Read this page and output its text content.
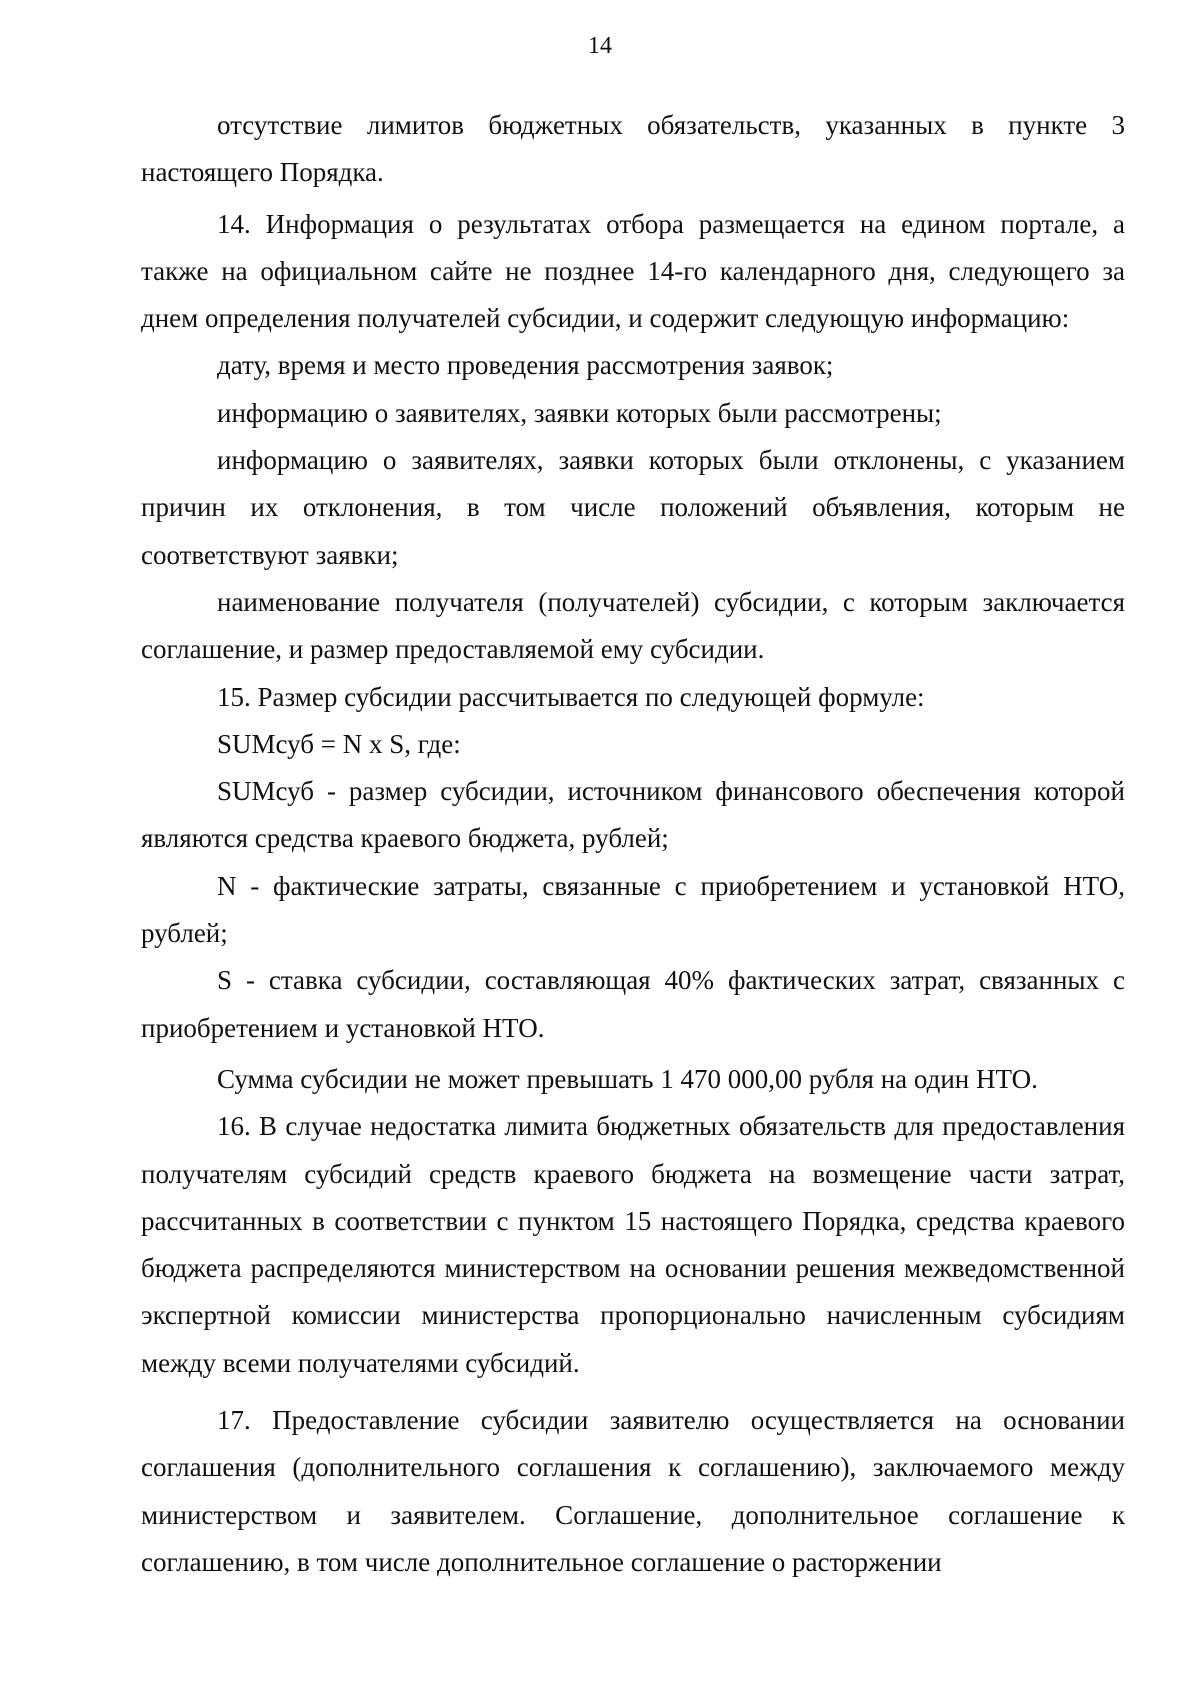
14

отсутствие лимитов бюджетных обязательств, указанных в пункте 3 настоящего Порядка.

14. Информация о результатах отбора размещается на едином портале, а также на официальном сайте не позднее 14-го календарного дня, следующего за днем определения получателей субсидии, и содержит следующую информацию:

дату, время и место проведения рассмотрения заявок;

информацию о заявителях, заявки которых были рассмотрены;

информацию о заявителях, заявки которых были отклонены, с указанием причин их отклонения, в том числе положений объявления, которым не соответствуют заявки;

наименование получателя (получателей) субсидии, с которым заключается соглашение, и размер предоставляемой ему субсидии.

15. Размер субсидии рассчитывается по следующей формуле:

SUMсуб = N x S, где:

SUMсуб - размер субсидии, источником финансового обеспечения которой являются средства краевого бюджета, рублей;

N - фактические затраты, связанные с приобретением и установкой НТО, рублей;

S - ставка субсидии, составляющая 40% фактических затрат, связанных с приобретением и установкой НТО.

Сумма субсидии не может превышать 1 470 000,00 рубля на один НТО.

16. В случае недостатка лимита бюджетных обязательств для предоставления получателям субсидий средств краевого бюджета на возмещение части затрат, рассчитанных в соответствии с пунктом 15 настоящего Порядка, средства краевого бюджета распределяются министерством на основании решения межведомственной экспертной комиссии министерства пропорционально начисленным субсидиям между всеми получателями субсидий.

17. Предоставление субсидии заявителю осуществляется на основании соглашения (дополнительного соглашения к соглашению), заключаемого между министерством и заявителем. Соглашение, дополнительное соглашение к соглашению, в том числе дополнительное соглашение о расторжении
